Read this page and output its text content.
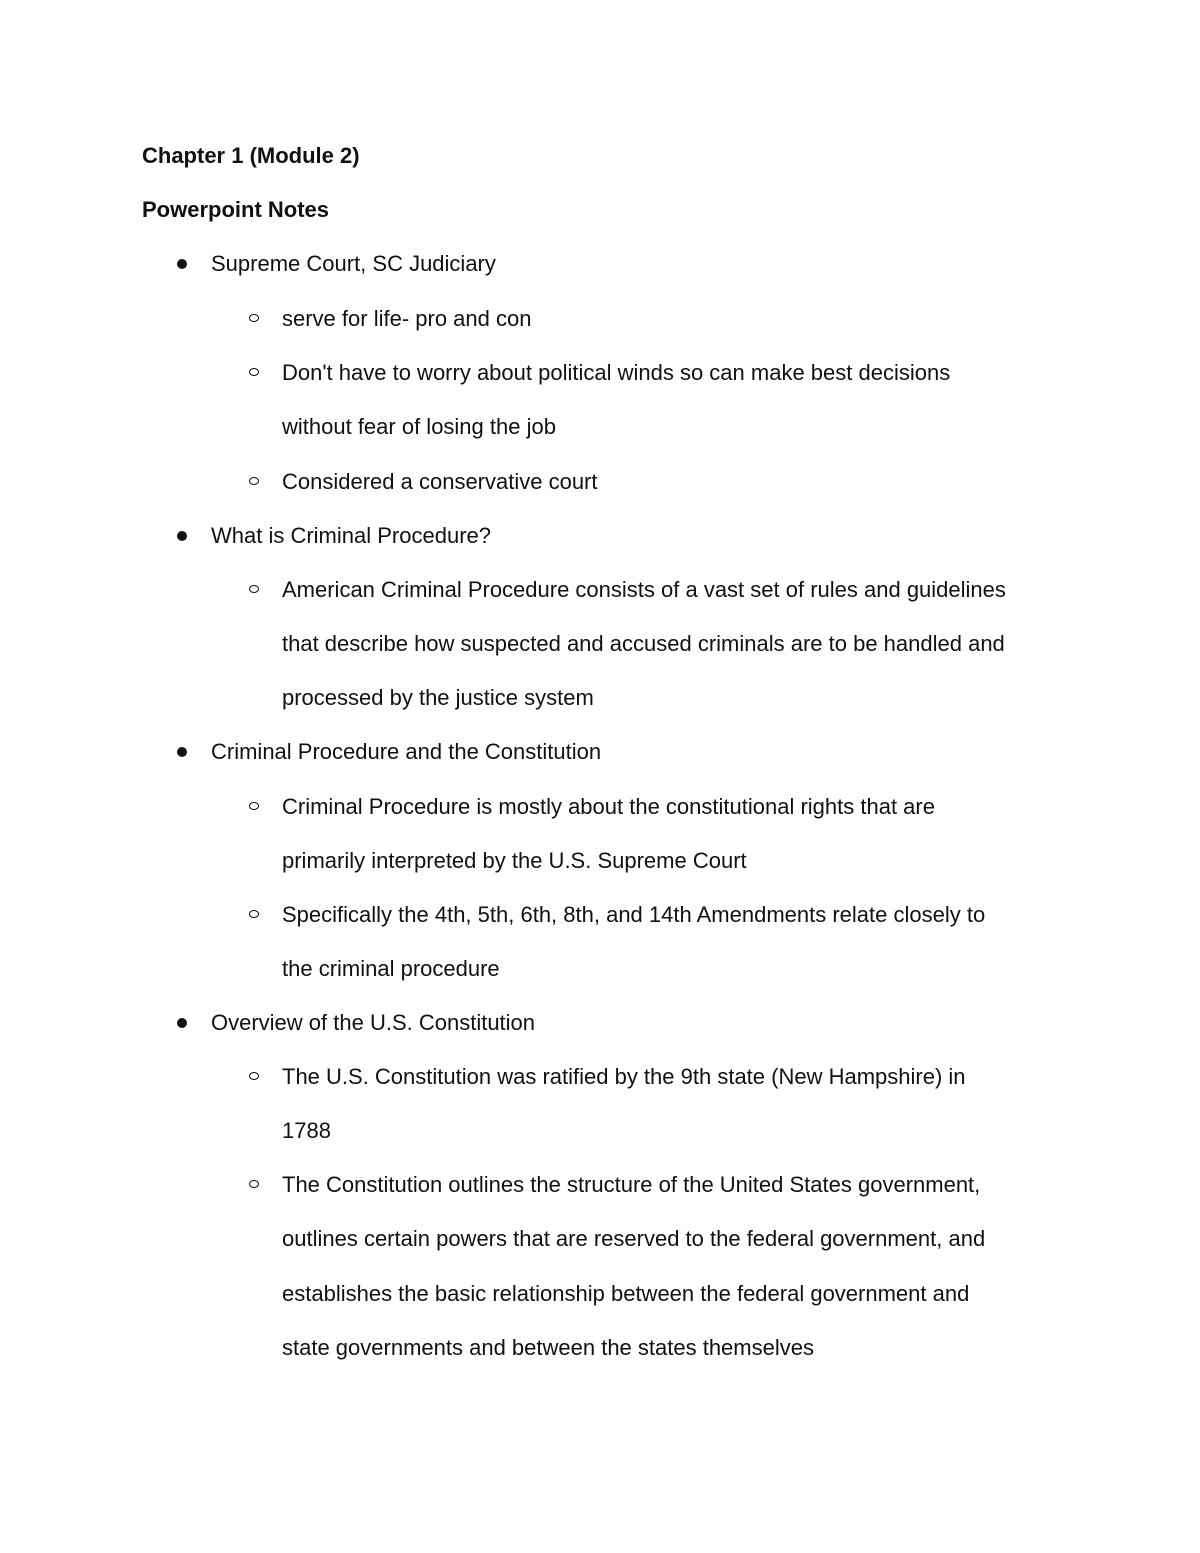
Chapter 1 (Module 2)
Powerpoint Notes
Supreme Court, SC Judiciary
serve for life- pro and con
Don't have to worry about political winds so can make best decisions
without fear of losing the job
Considered a conservative court
What is Criminal Procedure?
American Criminal Procedure consists of a vast set of rules and guidelines
that describe how suspected and accused criminals are to be handled and
processed by the justice system
Criminal Procedure and the Constitution
Criminal Procedure is mostly about the constitutional rights that are
primarily interpreted by the U.S. Supreme Court
Specifically the 4th, 5th, 6th, 8th, and 14th Amendments relate closely to
the criminal procedure
Overview of the U.S. Constitution
The U.S. Constitution was ratified by the 9th state (New Hampshire) in
1788
The Constitution outlines the structure of the United States government,
outlines certain powers that are reserved to the federal government, and
establishes the basic relationship between the federal government and
state governments and between the states themselves
